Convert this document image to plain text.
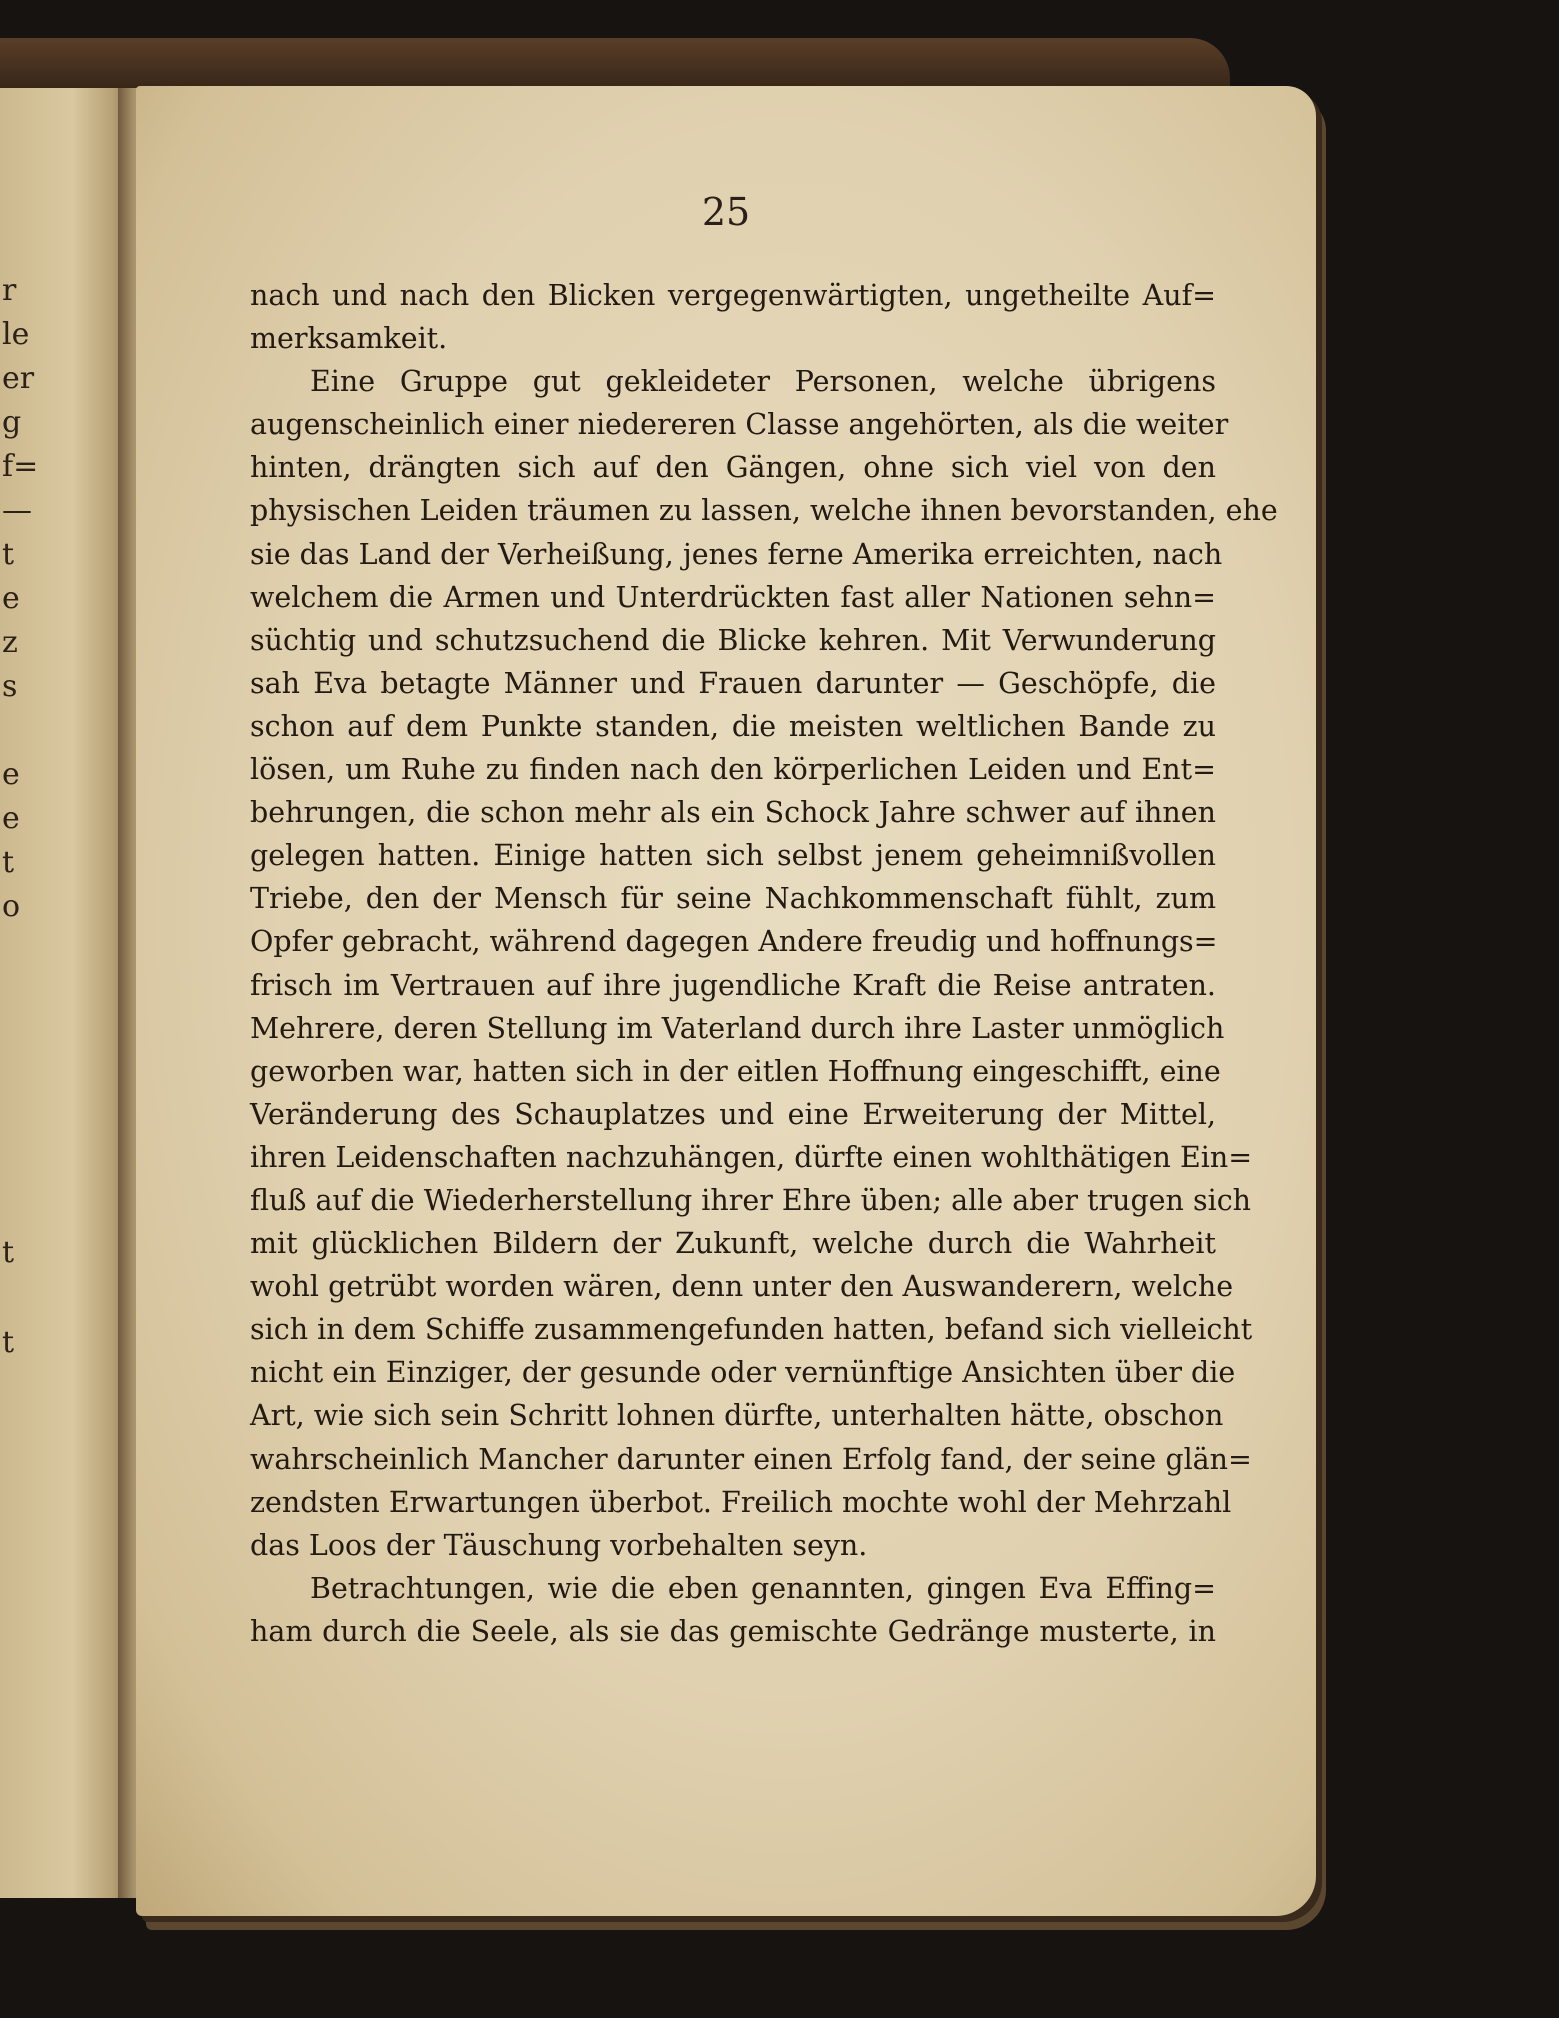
r
le
er
g
f=
—
t
e
z
s
e
e
t
o
t
t
25
nach und nach den Blicken vergegenwärtigten, ungetheilte Auf=
merksamkeit.
Eine Gruppe gut gekleideter Personen, welche übrigens
augenscheinlich einer niedereren Classe angehörten, als die weiter
hinten, drängten sich auf den Gängen, ohne sich viel von den
physischen Leiden träumen zu lassen, welche ihnen bevorstanden, ehe
sie das Land der Verheißung, jenes ferne Amerika erreichten, nach
welchem die Armen und Unterdrückten fast aller Nationen sehn=
süchtig und schutzsuchend die Blicke kehren. Mit Verwunderung
sah Eva betagte Männer und Frauen darunter — Geschöpfe, die
schon auf dem Punkte standen, die meisten weltlichen Bande zu
lösen, um Ruhe zu finden nach den körperlichen Leiden und Ent=
behrungen, die schon mehr als ein Schock Jahre schwer auf ihnen
gelegen hatten. Einige hatten sich selbst jenem geheimnißvollen
Triebe, den der Mensch für seine Nachkommenschaft fühlt, zum
Opfer gebracht, während dagegen Andere freudig und hoffnungs=
frisch im Vertrauen auf ihre jugendliche Kraft die Reise antraten.
Mehrere, deren Stellung im Vaterland durch ihre Laster unmöglich
geworben war, hatten sich in der eitlen Hoffnung eingeschifft, eine
Veränderung des Schauplatzes und eine Erweiterung der Mittel,
ihren Leidenschaften nachzuhängen, dürfte einen wohlthätigen Ein=
fluß auf die Wiederherstellung ihrer Ehre üben; alle aber trugen sich
mit glücklichen Bildern der Zukunft, welche durch die Wahrheit
wohl getrübt worden wären, denn unter den Auswanderern, welche
sich in dem Schiffe zusammengefunden hatten, befand sich vielleicht
nicht ein Einziger, der gesunde oder vernünftige Ansichten über die
Art, wie sich sein Schritt lohnen dürfte, unterhalten hätte, obschon
wahrscheinlich Mancher darunter einen Erfolg fand, der seine glän=
zendsten Erwartungen überbot. Freilich mochte wohl der Mehrzahl
das Loos der Täuschung vorbehalten seyn.
Betrachtungen, wie die eben genannten, gingen Eva Effing=
ham durch die Seele, als sie das gemischte Gedränge musterte, in
